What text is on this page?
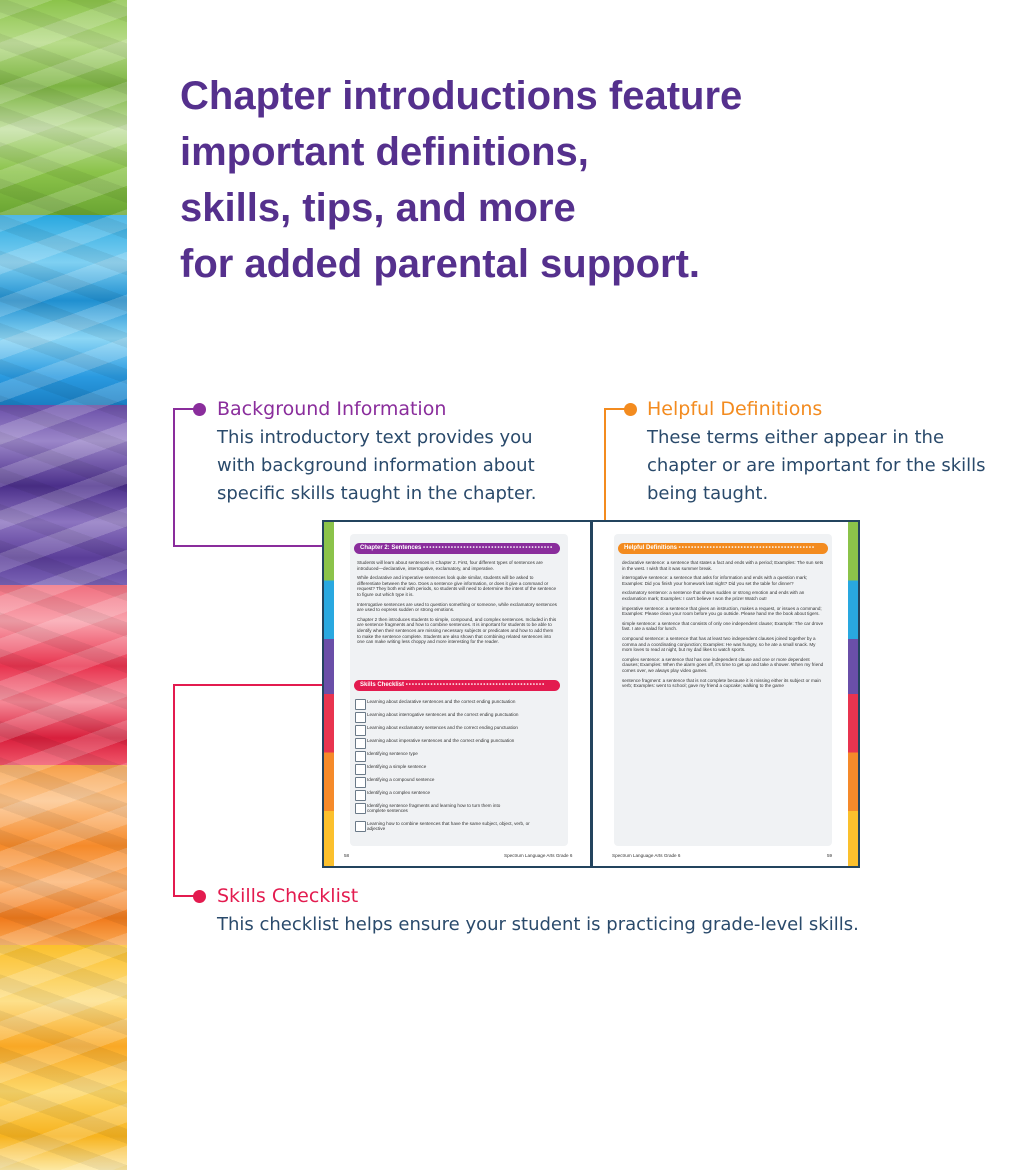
Chapter introductions feature
important definitions,
skills, tips, and more
for added parental support.
Background Information
This introductory text provides you
with background information about
specific skills taught in the chapter.
Helpful Definitions
These terms either appear in the
chapter or are important for the skills
being taught.
Skills Checklist
This checklist helps ensure your student is practicing grade-level skills.
Chapter 2: Sentences ••••••••••••••••••••••••••••••••••••••••••

Students will learn about sentences in Chapter 2. First, four different types of sentences are introduced—declarative, interrogative, exclamatory, and imperative.

While declarative and imperative sentences look quite similar, students will be asked to differentiate between the two. Does a sentence give information, or does it give a command or request? They both end with periods, so students will need to determine the intent of the sentence to figure out which type it is.

Interrogative sentences are used to question something or someone, while exclamatory sentences are used to express sudden or strong emotions.

Chapter 2 then introduces students to simple, compound, and complex sentences. Included in this are sentence fragments and how to combine sentences. It is important for students to be able to identify when their sentences are missing necessary subjects or predicates and how to add them to make the sentence complete. Students are also shown that combining related sentences into one can make writing less choppy and more interesting for the reader.

Skills Checklist •••••••••••••••••••••••••••••••••••••••••••••
Learning about declarative sentences and the correct ending punctuation
Learning about interrogative sentences and the correct ending punctuation
Learning about exclamatory sentences and the correct ending punctuation
Learning about imperative sentences and the correct ending punctuation
Identifying sentence type
Identifying a simple sentence
Identifying a compound sentence
Identifying a complex sentence
Identifying sentence fragments and learning how to turn them into complete sentences
Learning how to combine sentences that have the same subject, object, verb, or adjective
58	Spectrum Language Arts Grade 6
Helpful Definitions ••••••••••••••••••••••••••••••••••••••••••••

declarative sentence: a sentence that states a fact and ends with a period; Examples: The sun sets in the west. I wish that it was summer break.

interrogative sentence: a sentence that asks for information and ends with a question mark; Examples: Did you finish your homework last night? Did you set the table for dinner?

exclamatory sentence: a sentence that shows sudden or strong emotion and ends with an exclamation mark; Examples: I can't believe I won the prize! Watch out!

imperative sentence: a sentence that gives an instruction, makes a request, or issues a command; Examples: Please clean your room before you go outside. Please hand me the book about tigers.

simple sentence: a sentence that consists of only one independent clause; Example: The car drove fast. I ate a salad for lunch.

compound sentence: a sentence that has at least two independent clauses joined together by a comma and a coordinating conjunction; Examples: He was hungry, so he ate a small snack. My mom loves to read at night, but my dad likes to watch sports.

complex sentence: a sentence that has one independent clause and one or more dependent clauses; Examples: When the alarm goes off, it's time to get up and take a shower. When my friend comes over, we always play video games.

sentence fragment: a sentence that is not complete because it is missing either its subject or main verb; Examples: went to school; gave my friend a cupcake; walking to the game

Spectrum Language Arts Grade 6	59
